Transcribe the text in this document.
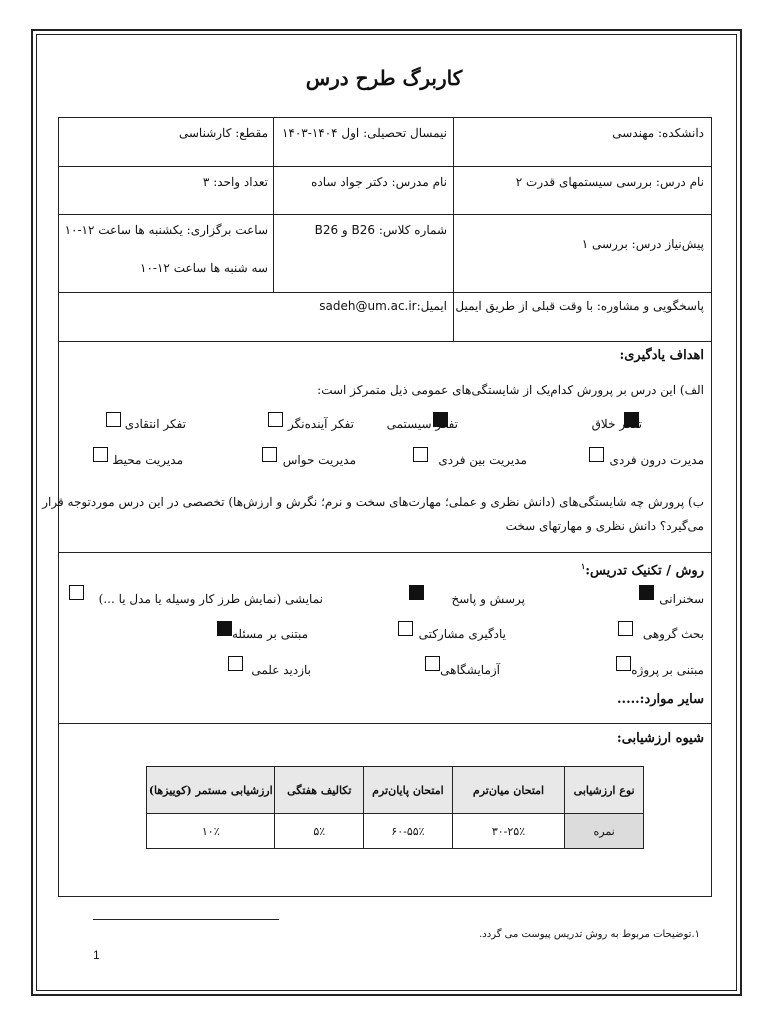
کاربرگ طرح درس
دانشکده: مهندسی
نیمسال تحصیلی: اول ۱۴۰۴-۱۴۰۳
مقطع: کارشناسی
نام درس: بررسی سیستمهای قدرت ۲
نام مدرس: دکتر جواد ساده
تعداد واحد: ۳
پیش‌نیاز درس: بررسی ۱
شماره کلاس: B26 و B26
ساعت برگزاری: یکشنبه ها ساعت ۱۲-۱۰
سه شنبه ها ساعت ۱۲-۱۰
پاسخگویی و مشاوره: با وقت قبلی از طریق ایمیل
ایمیل:sadeh@um.ac.ir
اهداف یادگیری:
الف) این درس بر پرورش کدام‌یک از شایستگی‌های عمومی ذیل متمرکز است:
تفکر خلاق
تفکر سیستمی
تفکر آینده‌نگر
تفکر انتقادی
مدیرت درون فردی
مدیریت بین فردی
مدیریت حواس
مدیریت محیط
ب) پرورش چه شایستگی‌های (دانش نظری و عملی؛ مهارت‌های سخت و نرم؛ نگرش و ارزش‌ها) تخصصی در این درس موردتوجه قرار
می‌گیرد؟ دانش نظری و مهارتهای سخت
روش / تکنیک تدریس:$^۱$
سخنرانی
پرسش و پاسخ
نمایشی (نمایش طرز کار وسیله یا مدل یا ...)
بحث گروهی
یادگیری مشارکتی
مبتنی بر مسئله
مبتنی بر پروژه
آزمایشگاهی
بازدید علمی
سایر موارد:.....
شیوه ارزشیابی:
نوع ارزشیابی	امتحان میان‌ترم	امتحان پایان‌ترم	تکالیف هفتگی	ارزشیابی مستمر (کوییزها)
نمره	۳۰-۲۵٪	۶۰-۵۵٪	۵٪	۱۰٪
۱.توضیحات مربوط به روش تدریس پیوست می گردد.
1
